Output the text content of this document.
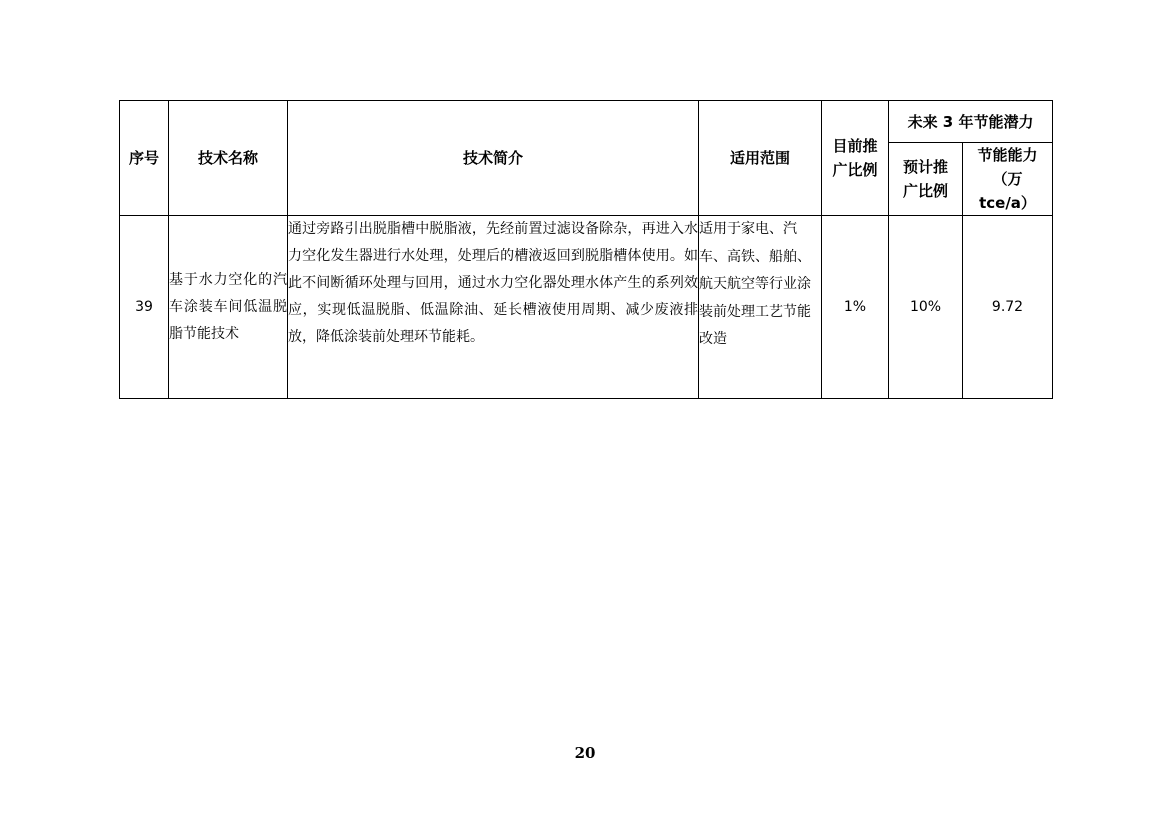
序号	技术名称	技术简介	适用范围	目前推广比例	未来 3 年节能潜力	
					预计推广比例	节能能力（万 tce/a）
39	基于水力空化的汽车涂装车间低温脱脂节能技术	通过旁路引出脱脂槽中脱脂液，先经前置过滤设备除杂，再进入水力空化发生器进行水处理，处理后的槽液返回到脱脂槽体使用。如此不间断循环处理与回用，通过水力空化器处理水体产生的系列效应，实现低温脱脂、低温除油、延长槽液使用周期、减少废液排放，降低涂装前处理环节能耗。	适用于家电、汽车、高铁、船舶、航天航空等行业涂装前处理工艺节能改造	1%	10%	9.72
20
